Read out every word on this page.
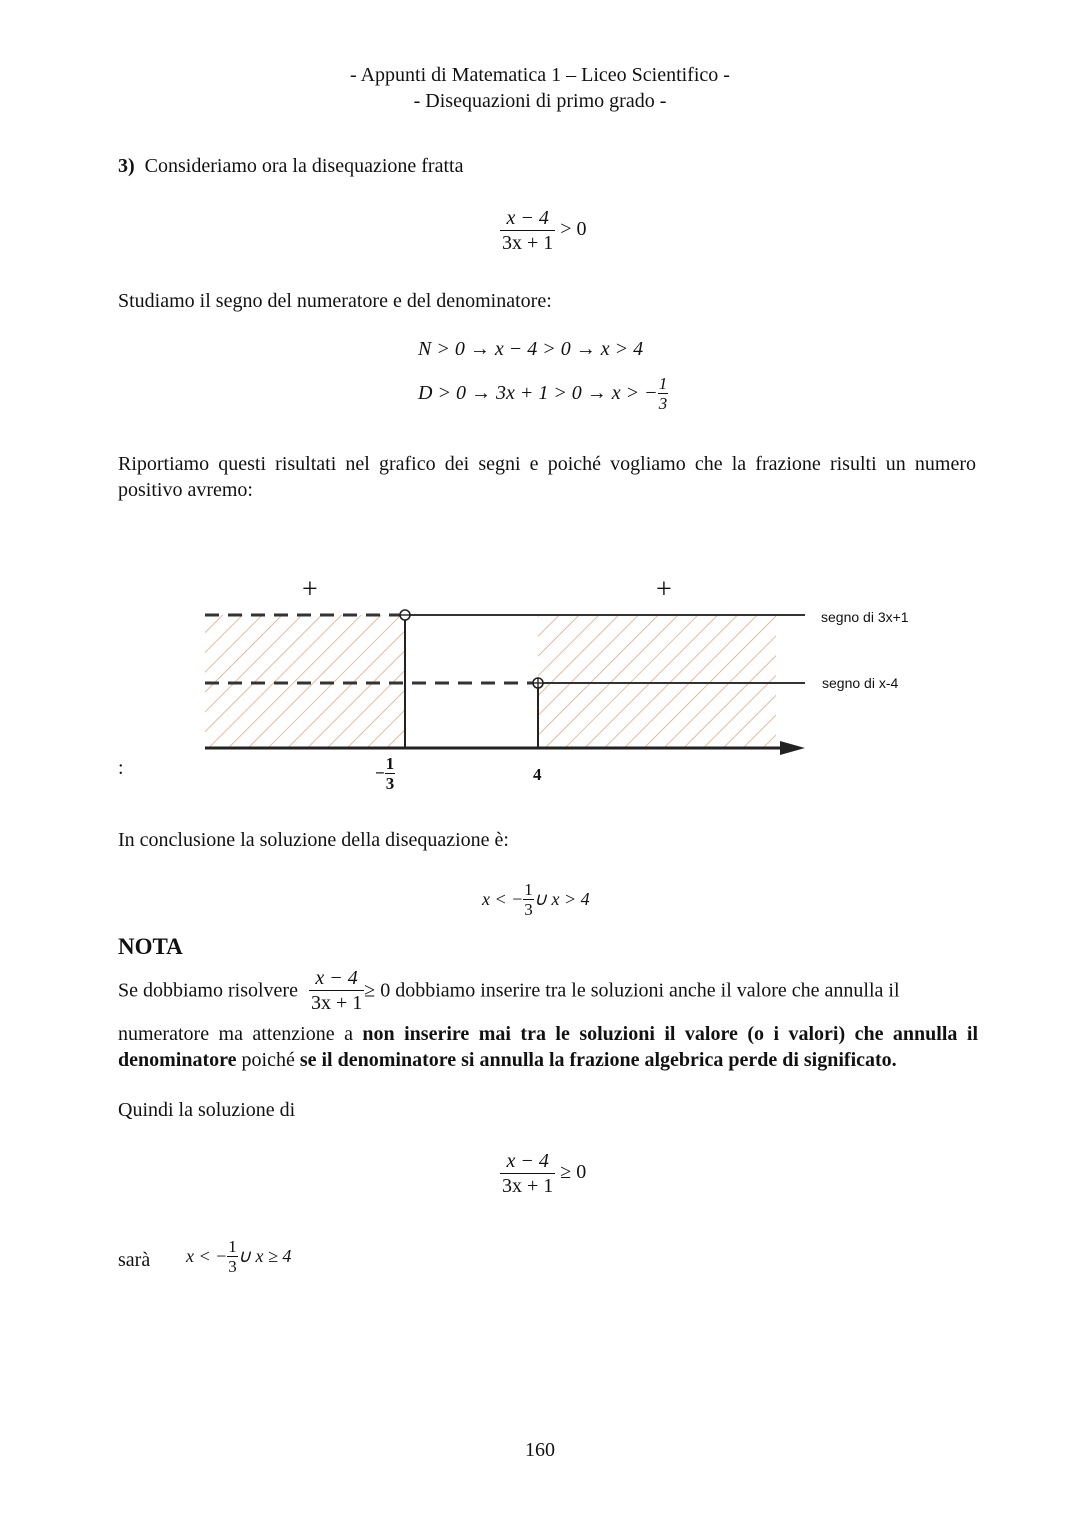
- Appunti di Matematica 1 – Liceo Scientifico -
- Disequazioni di primo grado -
3) Consideriamo ora la disequazione fratta
$\frac{x - 4}{3x + 1} > 0$
Studiamo il segno del numeratore e del denominatore:
N > 0 → x − 4 > 0 → x > 4
D > 0 → 3x + 1 > 0 → x > − $\frac{1}{3}$
Riportiamo questi risultati nel grafico dei segni e poiché vogliamo che la frazione risulti un numero positivo avremo:
+	+
segno di 3x+1
segno di x-4
:	− $\frac{1}{3}$	4
In conclusione la soluzione della disequazione è:
x < − $\frac{1}{3}$ ∪ x > 4
NOTA
Se dobbiamo risolvere $\frac{x - 4}{3x + 1} \ge 0$ dobbiamo inserire tra le soluzioni anche il valore che annulla il
numeratore ma attenzione a non inserire mai tra le soluzioni il valore (o i valori) che annulla il denominatore poiché se il denominatore si annulla la frazione algebrica perde di significato.
Quindi la soluzione di
$\frac{x - 4}{3x + 1} \ge 0$
sarà x < − $\frac{1}{3}$ ∪ x ≥ 4
160
